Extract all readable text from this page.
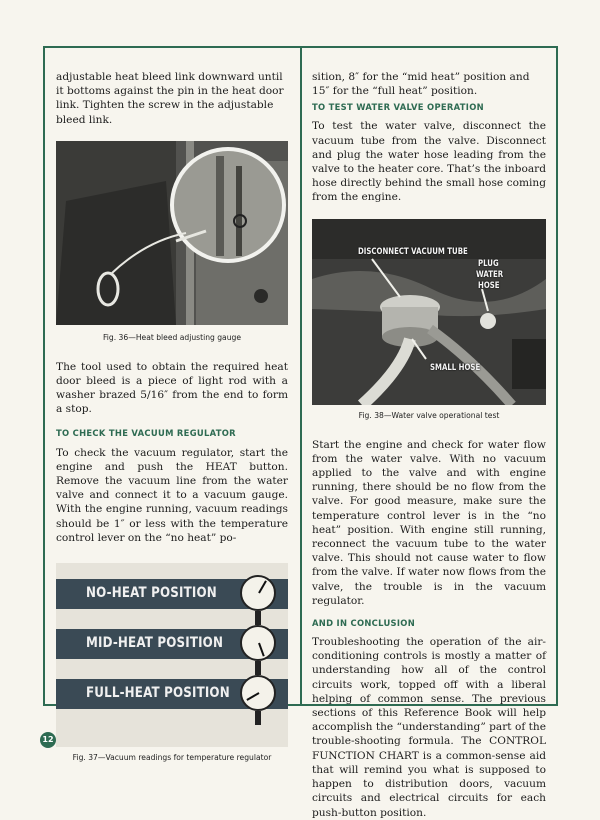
adjustable heat bleed link downward until it bottoms against the pin in the heat door link. Tighten the screw in the adjustable bleed link.

Fig. 36—Heat bleed adjusting gauge

The tool used to obtain the required heat door bleed is a piece of light rod with a washer brazed 5/16″ from the end to form a stop.

TO CHECK THE VACUUM REGULATOR

To check the vacuum regulator, start the engine and push the HEAT button. Remove the vacuum line from the water valve and connect it to a vacuum gauge. With the engine running, vacuum readings should be 1″ or less with the temperature control lever on the “no heat” po-

NO-HEAT POSITION
MID-HEAT POSITION
FULL-HEAT POSITION
Fig. 37—Vacuum readings for temperature regulator

sition, 8″ for the “mid heat” position and 15″ for the “full heat” position.

TO TEST WATER VALVE OPERATION

To test the water valve, disconnect the vacuum tube from the valve. Disconnect and plug the water hose leading from the valve to the heater core. That’s the inboard hose directly behind the small hose coming from the engine.

DISCONNECT VACUUM TUBE
PLUG
WATER
HOSE
SMALL HOSE
Fig. 38—Water valve operational test

Start the engine and check for water flow from the water valve. With no vacuum applied to the valve and with engine running, there should be no flow from the valve. For good measure, make sure the temperature control lever is in the “no heat” position. With engine still running, reconnect the vacuum tube to the water valve. This should not cause water to flow from the valve. If water now flows from the valve, the trouble is in the vacuum regulator.

AND IN CONCLUSION

Troubleshooting the operation of the air-conditioning controls is mostly a matter of understanding how all of the control circuits work, topped off with a liberal helping of common sense. The previous sections of this Reference Book will help accomplish the “understanding” part of the trouble-shooting formula. The CONTROL FUNCTION CHART is a common-sense aid that will remind you what is supposed to happen to distribution doors, vacuum circuits and electrical circuits for each push-button position.

12
